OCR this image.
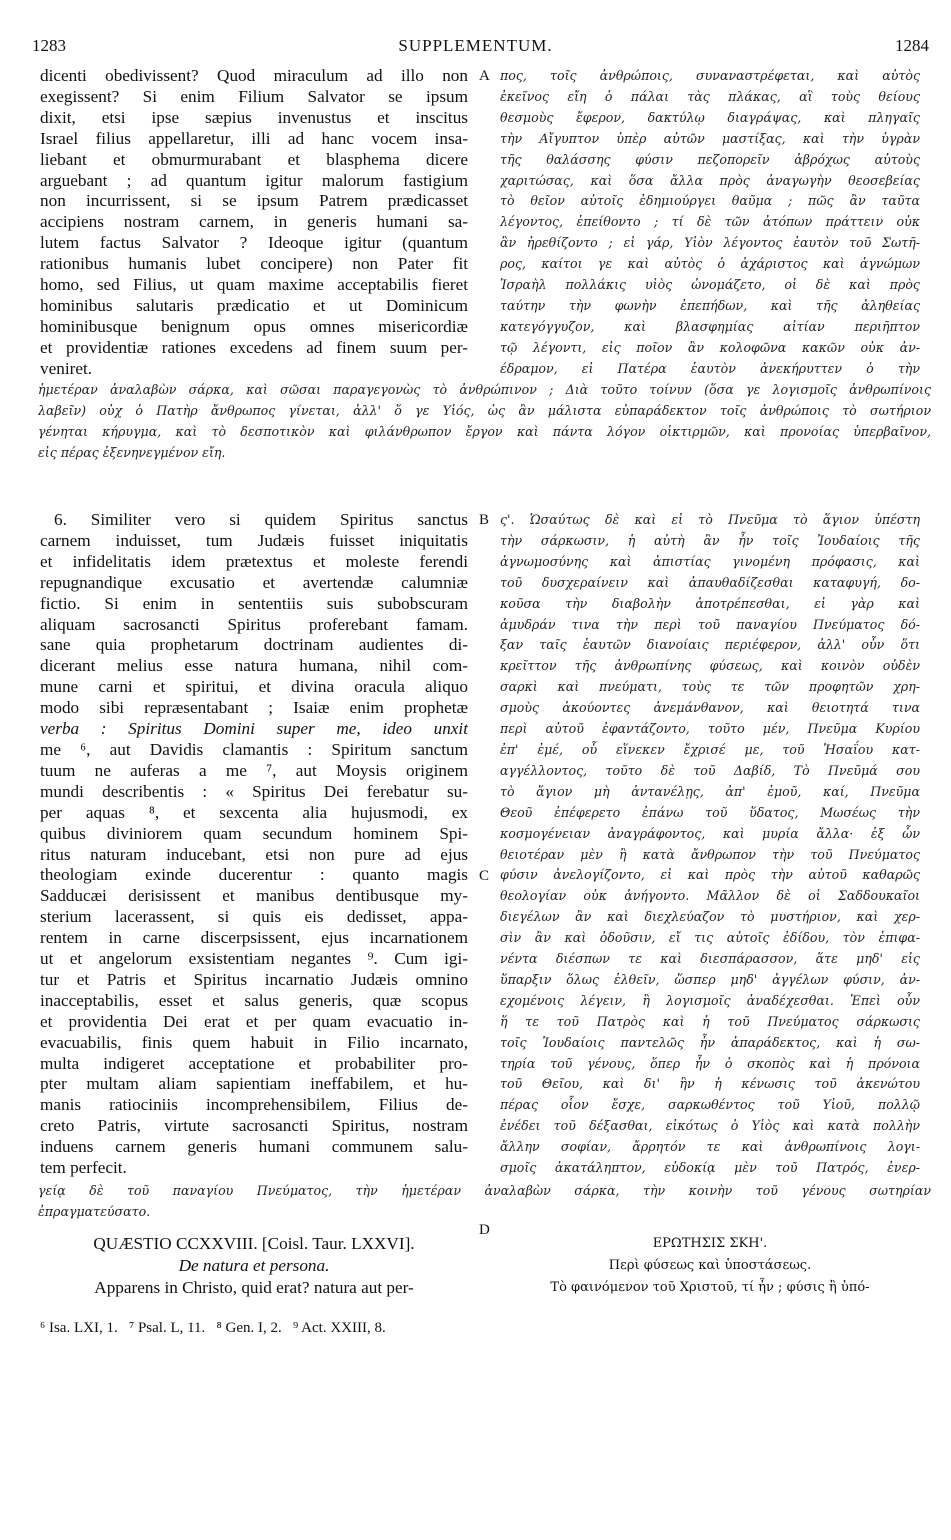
1283	SUPPLEMENTUM.	1284
dicenti obedivissent? Quod miraculum ad illo non
exegissent? Si enim Filium Salvator se ipsum
dixit, etsi ipse sæpius invenustus et inscitus
Israel filius appellaretur, illi ad hanc vocem insa-
liebant et obmurmurabant et blasphema dicere
arguebant ; ad quantum igitur malorum fastigium
non incurrissent, si se ipsum Patrem prædicasset
accipiens nostram carnem, in generis humani sa-
lutem factus Salvator ? Ideoque igitur (quantum
rationibus humanis lubet concipere) non Pater fit
homo, sed Filius, ut quam maxime acceptabilis fieret
hominibus salutaris prædicatio et ut Dominicum
hominibusque benignum opus omnes misericordiæ
et providentiæ rationes excedens ad finem suum per-
veniret.
A πος, τοῖς ἀνθρώποις, συναναστρέφεται, καὶ αὐτὸς
ἐκεῖνος εἴη ὁ πάλαι τὰς πλάκας, αἳ τοὺς θείους
θεσμοὺς ἔφερον, δακτύλῳ διαγράψας, καὶ πληγαῖς
τὴν Αἴγυπτον ὑπὲρ αὐτῶν μαστίξας, καὶ τὴν ὑγρὰν
τῆς θαλάσσης φύσιν πεζοπορεῖν ἀβρόχως αὐτοὺς
χαριτώσας, καὶ ὅσα ἄλλα πρὸς ἀναγωγὴν θεοσεβείας
τὸ θεῖον αὐτοῖς ἐδημιούργει θαῦμα ; πῶς ἂν ταῦτα
λέγοντος, ἐπείθοντο ; τί δὲ τῶν ἀτόπων πράττειν οὐκ
ἂν ἠρεθίζοντο ; εἰ γάρ, Υἱὸν λέγοντος ἑαυτὸν τοῦ Σωτῆ-
ρος, καίτοι γε καὶ αὐτὸς ὁ ἀχάριστος καὶ ἀγνώμων
Ἰσραὴλ πολλάκις υἱὸς ὠνομάζετο, οἱ δὲ καὶ πρὸς
ταύτην τὴν φωνὴν ἐπεπήδων, καὶ τῆς ἀληθείας
κατεγόγγυζον, καὶ βλασφημίας αἰτίαν περιῆπτον
τῷ λέγοντι, εἰς ποῖον ἂν κολοφῶνα κακῶν οὐκ ἀν-
έδραμον, εἰ Πατέρα ἑαυτὸν ἀνεκήρυττεν ὁ τὴν
ἡμετέραν ἀναλαβὼν σάρκα, καὶ σῶσαι παραγεγονὼς τὸ ἀνθρώπινον ; Διὰ τοῦτο τοίνυν (ὅσα γε λογισμοῖς ἀνθρωπίνοις
λαβεῖν) οὐχ ὁ Πατὴρ ἄνθρωπος γίνεται, ἀλλ' ὅ γε Υἱός, ὡς ἂν μάλιστα εὐπαράδεκτον τοῖς ἀνθρώποις τὸ σωτήριον
γένηται κήρυγμα, καὶ τὸ δεσποτικὸν καὶ φιλάνθρωπον ἔργον καὶ πάντα λόγον οἰκτιρμῶν, καὶ προνοίας ὑπερβαῖνον,
εἰς πέρας ἐξενηνεγμένον εἴη.
6. Similiter vero si quidem Spiritus sanctus
carnem induisset, tum Judæis fuisset iniquitatis
et infidelitatis idem prætextus et moleste ferendi
repugnandique excusatio et avertendæ calumniæ
fictio. Si enim in sententiis suis subobscuram
aliquam sacrosancti Spiritus proferebant famam.
sane quia prophetarum doctrinam audientes di-
dicerant melius esse natura humana, nihil com-
mune carni et spiritui, et divina oracula aliquo
modo sibi repræsentabant ; Isaiæ enim prophetæ
verba : Spiritus Domini super me, ideo unxit
me ⁶, aut Davidis clamantis : Spiritum sanctum
tuum ne auferas a me ⁷, aut Moysis originem
mundi describentis : « Spiritus Dei ferebatur su-
per aquas ⁸, et sexcenta alia hujusmodi, ex
quibus diviniorem quam secundum hominem Spi-
ritus naturam inducebant, etsi non pure ad ejus
theologiam exinde ducerentur : quanto magis
Sadducæi derisissent et manibus dentibusque my-
sterium lacerassent, si quis eis dedisset, appa-
rentem in carne discerpsissent, ejus incarnationem
ut et angelorum exsistentiam negantes ⁹. Cum igi-
tur et Patris et Spiritus incarnatio Judæis omnino
inacceptabilis, esset et salus generis, quæ scopus
et providentia Dei erat et per quam evacuatio in-
evacuabilis, finis quem habuit in Filio incarnato,
multa indigeret acceptatione et probabiliter pro-
pter multam aliam sapientiam ineffabilem, et hu-
manis ratiociniis incomprehensibilem, Filius de-
creto Patris, virtute sacrosancti Spiritus, nostram
induens carnem generis humani communem salu-
tem perfecit.
B
C
D
ς'. Ὡσαύτως δὲ καὶ εἰ τὸ Πνεῦμα τὸ ἅγιον ὑπέστη
τὴν σάρκωσιν, ἡ αὐτὴ ἂν ἦν τοῖς Ἰουδαίοις τῆς
ἀγνωμοσύνης καὶ ἀπιστίας γινομένη πρόφασις, καὶ
τοῦ δυσχεραίνειν καὶ ἀπαυθαδίζεσθαι καταφυγή, δο-
κοῦσα τὴν διαβολὴν ἀποτρέπεσθαι, εἰ γὰρ καὶ
ἀμυδράν τινα τὴν περὶ τοῦ παναγίου Πνεύματος δό-
ξαν ταῖς ἑαυτῶν διανοίαις περιέφερον, ἀλλ' οὖν ὅτι
κρεῖττον τῆς ἀνθρωπίνης φύσεως, καὶ κοινὸν οὐδὲν
σαρκὶ καὶ πνεύματι, τοὺς τε τῶν προφητῶν χρη-
σμοὺς ἀκούοντες ἀνεμάνθανον, καὶ θειοτητά τινα
περὶ αὐτοῦ ἐφαντάζοντο, τοῦτο μέν, Πνεῦμα Κυρίου
ἐπ' ἐμέ, οὗ εἵνεκεν ἔχρισέ με, τοῦ Ἡσαΐου κατ-
αγγέλλοντος, τοῦτο δὲ τοῦ Δαβίδ, Τὸ Πνεῦμά σου
τὸ ἅγιον μὴ ἀντανέλῃς, ἀπ' ἐμοῦ, καί, Πνεῦμα
Θεοῦ ἐπέφερετο ἐπάνω τοῦ ὕδατος, Μωσέως τὴν
κοσμογένειαν ἀναγράφοντος, καὶ μυρία ἄλλα· ἐξ ὧν
θειοτέραν μὲν ἢ κατὰ ἄνθρωπον τὴν τοῦ Πνεύματος
φύσιν ἀνελογίζοντο, εἰ καὶ πρὸς τὴν αὐτοῦ καθαρῶς
θεολογίαν οὐκ ἀνήγοντο. Μᾶλλον δὲ οἱ Σαδδουκαῖοι
διεγέλων ἂν καὶ διεχλεύαζον τὸ μυστήριον, καὶ χερ-
σὶν ἂν καὶ ὀδοῦσιν, εἴ τις αὐτοῖς ἐδίδου, τὸν ἐπιφα-
νέντα διέσπων τε καὶ διεσπάρασσον, ἅτε μηδ' εἰς
ὕπαρξιν ὅλως ἐλθεῖν, ὥσπερ μηδ' ἀγγέλων φύσιν, ἀν-
εχομένοις λέγειν, ἢ λογισμοῖς ἀναδέχεσθαι. Ἐπεὶ οὖν
ἥ τε τοῦ Πατρὸς καὶ ἡ τοῦ Πνεύματος σάρκωσις
τοῖς Ἰουδαίοις παντελῶς ἦν ἀπαράδεκτος, καὶ ἡ σω-
τηρία τοῦ γένους, ὅπερ ἦν ὁ σκοπὸς καὶ ἡ πρόνοια
τοῦ Θεῖου, καὶ δι' ἣν ἡ κένωσις τοῦ ἀκενώτου
πέρας οἷον ἔσχε, σαρκωθέντος τοῦ Υἱοῦ, πολλῷ
ἐνέδει τοῦ δέξασθαι, εἰκότως ὁ Υἱὸς καὶ κατὰ πολλὴν
ἄλλην σοφίαν, ἄρρητόν τε καὶ ἀνθρωπίνοις λογι-
σμοῖς ἀκατάληπτον, εὐδοκίᾳ μὲν τοῦ Πατρός, ἐνερ-
γείᾳ δὲ τοῦ παναγίου Πνεύματος, τὴν ἡμετέραν ἀναλαβὼν σάρκα, τὴν κοινὴν τοῦ γένους σωτηρίαν
ἐπραγματεύσατο.
QUÆSTIO CCXXVIII. [Coisl. Taur. LXXVI].
De natura et persona.
Apparens in Christo, quid erat? natura aut per-
ΕΡΩΤΗΣΙΣ ΣΚΗ'.
Περὶ φύσεως καὶ ὑποστάσεως.
Τὸ φαινόμενον τοῦ Χριστοῦ, τί ἦν ; φύσις ἢ ὑπό-
⁶ Isa. LXI, 1.   ⁷ Psal. L, 11.   ⁸ Gen. I, 2.   ⁹ Act. XXIII, 8.
